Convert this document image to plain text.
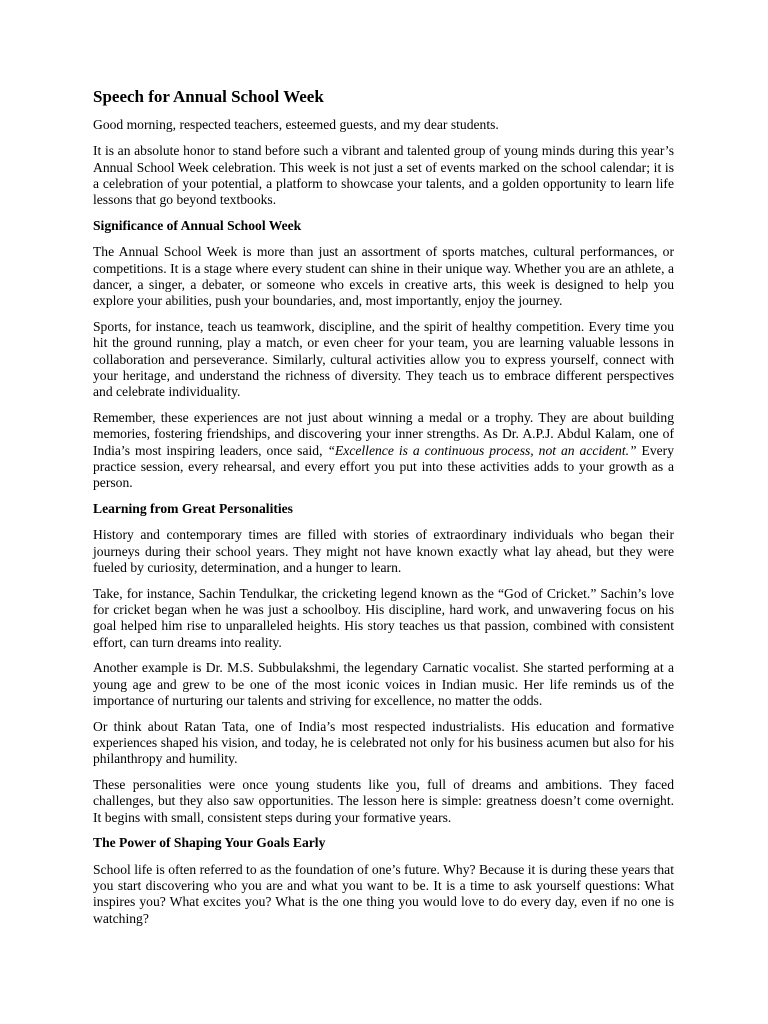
Speech for Annual School Week

Good morning, respected teachers, esteemed guests, and my dear students.

It is an absolute honor to stand before such a vibrant and talented group of young minds during this year’s Annual School Week celebration. This week is not just a set of events marked on the school calendar; it is a celebration of your potential, a platform to showcase your talents, and a golden opportunity to learn life lessons that go beyond textbooks.

Significance of Annual School Week

The Annual School Week is more than just an assortment of sports matches, cultural performances, or competitions. It is a stage where every student can shine in their unique way. Whether you are an athlete, a dancer, a singer, a debater, or someone who excels in creative arts, this week is designed to help you explore your abilities, push your boundaries, and, most importantly, enjoy the journey.

Sports, for instance, teach us teamwork, discipline, and the spirit of healthy competition. Every time you hit the ground running, play a match, or even cheer for your team, you are learning valuable lessons in collaboration and perseverance. Similarly, cultural activities allow you to express yourself, connect with your heritage, and understand the richness of diversity. They teach us to embrace different perspectives and celebrate individuality.

Remember, these experiences are not just about winning a medal or a trophy. They are about building memories, fostering friendships, and discovering your inner strengths. As Dr. A.P.J. Abdul Kalam, one of India’s most inspiring leaders, once said, “Excellence is a continuous process, not an accident.” Every practice session, every rehearsal, and every effort you put into these activities adds to your growth as a person.

Learning from Great Personalities

History and contemporary times are filled with stories of extraordinary individuals who began their journeys during their school years. They might not have known exactly what lay ahead, but they were fueled by curiosity, determination, and a hunger to learn.

Take, for instance, Sachin Tendulkar, the cricketing legend known as the “God of Cricket.” Sachin’s love for cricket began when he was just a schoolboy. His discipline, hard work, and unwavering focus on his goal helped him rise to unparalleled heights. His story teaches us that passion, combined with consistent effort, can turn dreams into reality.

Another example is Dr. M.S. Subbulakshmi, the legendary Carnatic vocalist. She started performing at a young age and grew to be one of the most iconic voices in Indian music. Her life reminds us of the importance of nurturing our talents and striving for excellence, no matter the odds.

Or think about Ratan Tata, one of India’s most respected industrialists. His education and formative experiences shaped his vision, and today, he is celebrated not only for his business acumen but also for his philanthropy and humility.

These personalities were once young students like you, full of dreams and ambitions. They faced challenges, but they also saw opportunities. The lesson here is simple: greatness doesn’t come overnight. It begins with small, consistent steps during your formative years.

The Power of Shaping Your Goals Early

School life is often referred to as the foundation of one’s future. Why? Because it is during these years that you start discovering who you are and what you want to be. It is a time to ask yourself questions: What inspires you? What excites you? What is the one thing you would love to do every day, even if no one is watching?
